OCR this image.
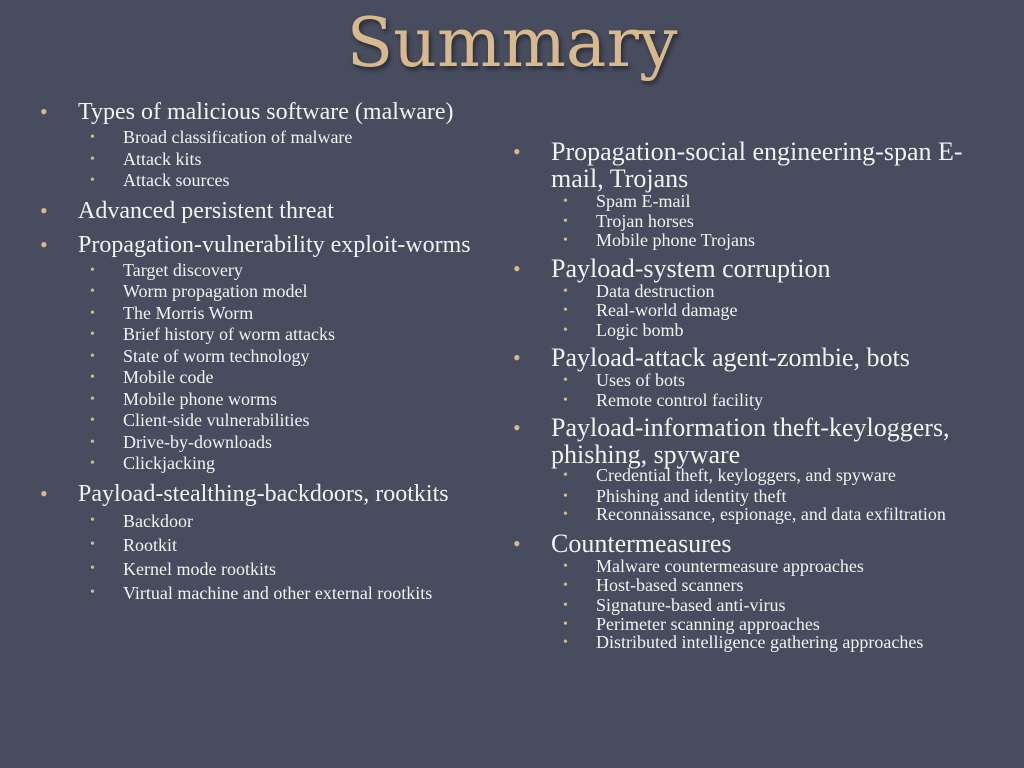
Summary
• Types of malicious software (malware)
• Broad classification of malware
• Attack kits
• Attack sources
• Advanced persistent threat
• Propagation-vulnerability exploit-worms
• Target discovery
• Worm propagation model
• The Morris Worm
• Brief history of worm attacks
• State of worm technology
• Mobile code
• Mobile phone worms
• Client-side vulnerabilities
• Drive-by-downloads
• Clickjacking
• Payload-stealthing-backdoors, rootkits
• Backdoor
• Rootkit
• Kernel mode rootkits
• Virtual machine and other external rootkits
• Propagation-social engineering-span E-mail, Trojans
• Spam E-mail
• Trojan horses
• Mobile phone Trojans
• Payload-system corruption
• Data destruction
• Real-world damage
• Logic bomb
• Payload-attack agent-zombie, bots
• Uses of bots
• Remote control facility
• Payload-information theft-keyloggers, phishing, spyware
• Credential theft, keyloggers, and spyware
• Phishing and identity theft
• Reconnaissance, espionage, and data exfiltration
• Countermeasures
• Malware countermeasure approaches
• Host-based scanners
• Signature-based anti-virus
• Perimeter scanning approaches
• Distributed intelligence gathering approaches
